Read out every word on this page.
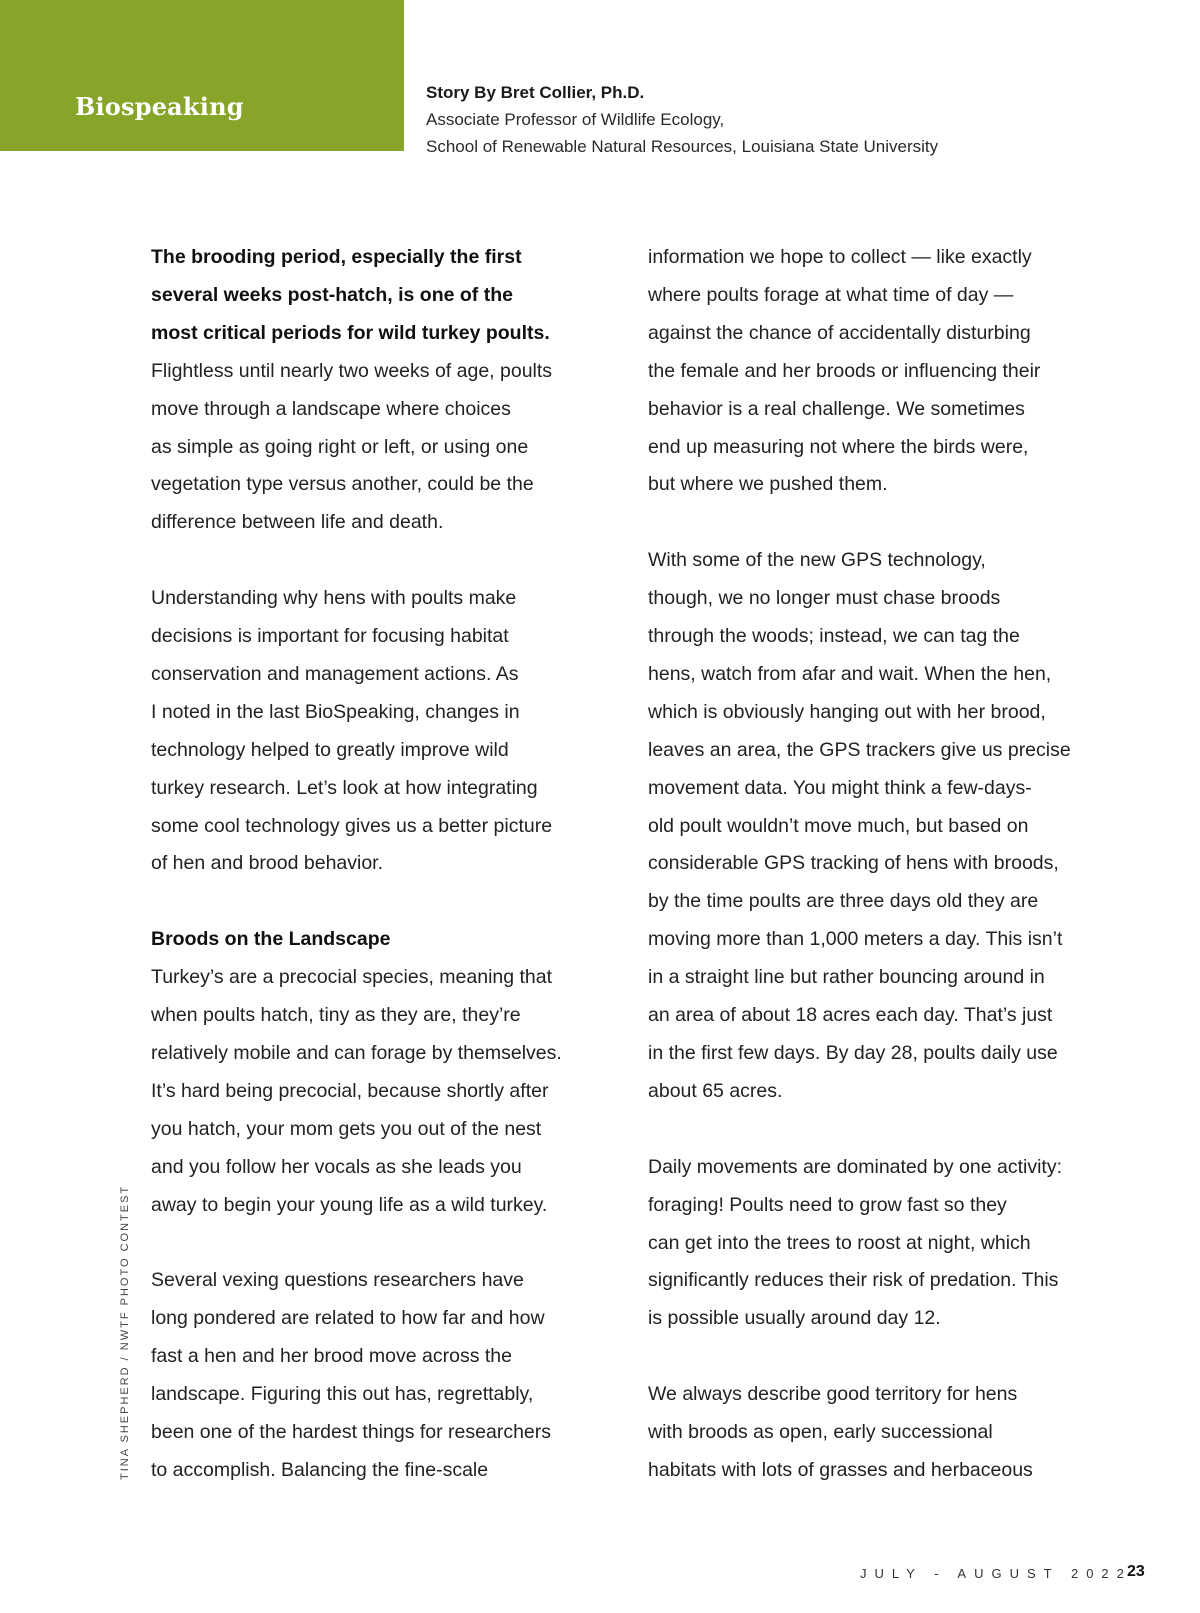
Biospeaking	Story By Bret Collier, Ph.D.
Associate Professor of Wildlife Ecology,
School of Renewable Natural Resources, Louisiana State University
The brooding period, especially the first
several weeks post-hatch, is one of the
most critical periods for wild turkey poults.
Flightless until nearly two weeks of age, poults
move through a landscape where choices
as simple as going right or left, or using one
vegetation type versus another, could be the
difference between life and death.
Understanding why hens with poults make
decisions is important for focusing habitat
conservation and management actions. As
I noted in the last BioSpeaking, changes in
technology helped to greatly improve wild
turkey research. Let’s look at how integrating
some cool technology gives us a better picture
of hen and brood behavior.
Broods on the Landscape
Turkey’s are a precocial species, meaning that
when poults hatch, tiny as they are, they’re
relatively mobile and can forage by themselves.
It’s hard being precocial, because shortly after
you hatch, your mom gets you out of the nest
and you follow her vocals as she leads you
away to begin your young life as a wild turkey.
Several vexing questions researchers have
long pondered are related to how far and how
fast a hen and her brood move across the
landscape. Figuring this out has, regrettably,
been one of the hardest things for researchers
to accomplish. Balancing the fine-scale
information we hope to collect — like exactly
where poults forage at what time of day —
against the chance of accidentally disturbing
the female and her broods or influencing their
behavior is a real challenge. We sometimes
end up measuring not where the birds were,
but where we pushed them.
With some of the new GPS technology,
though, we no longer must chase broods
through the woods; instead, we can tag the
hens, watch from afar and wait. When the hen,
which is obviously hanging out with her brood,
leaves an area, the GPS trackers give us precise
movement data. You might think a few-days-
old poult wouldn’t move much, but based on
considerable GPS tracking of hens with broods,
by the time poults are three days old they are
moving more than 1,000 meters a day. This isn’t
in a straight line but rather bouncing around in
an area of about 18 acres each day. That’s just
in the first few days. By day 28, poults daily use
about 65 acres.
Daily movements are dominated by one activity:
foraging! Poults need to grow fast so they
can get into the trees to roost at night, which
significantly reduces their risk of predation. This
is possible usually around day 12.
We always describe good territory for hens
with broods as open, early successional
habitats with lots of grasses and herbaceous
TINA SHEPHERD / NWTF PHOTO CONTEST
JULY - AUGUST 2022
23
